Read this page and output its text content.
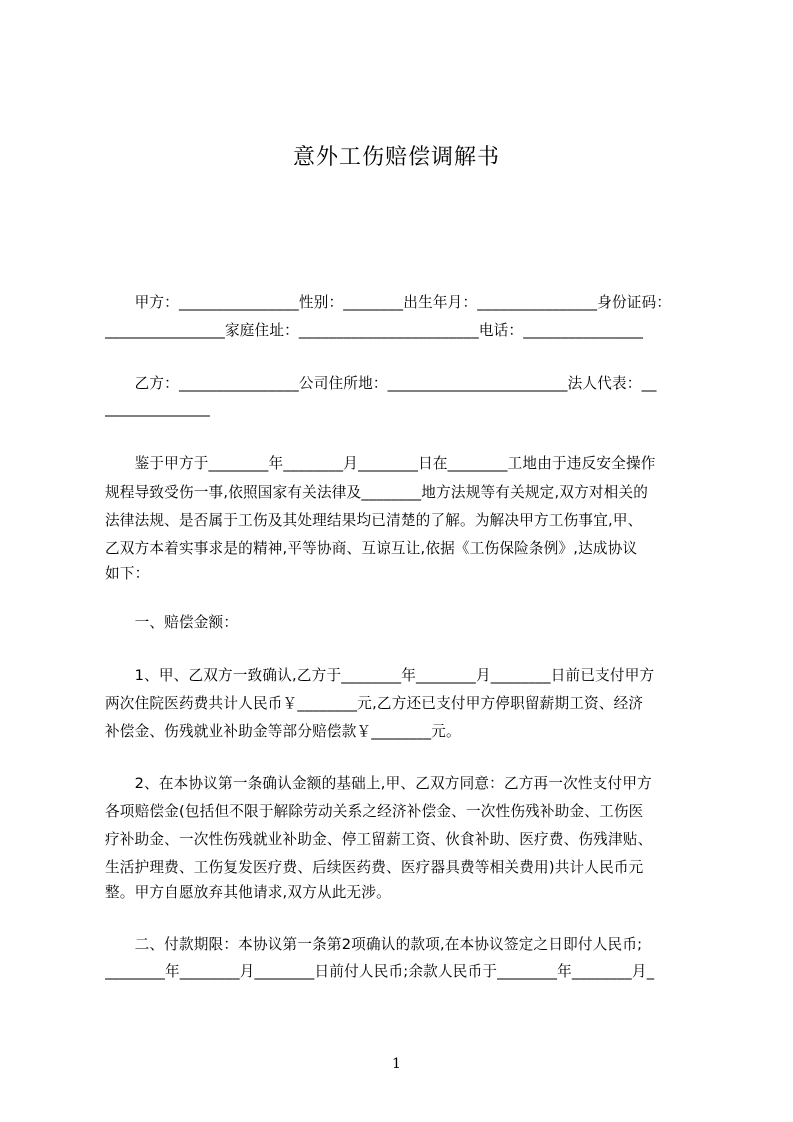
意外工伤赔偿调解书
　　甲方：________________性别：________出生年月：________________身份证码：
________________家庭住址：________________________电话：________________
　　乙方：________________公司住所地：________________________法人代表：__
______________
　　鉴于甲方于________年________月________日在________工地由于违反安全操作
规程导致受伤一事,依照国家有关法律及________地方法规等有关规定,双方对相关的
法律法规、是否属于工伤及其处理结果均已清楚的了解。为解决甲方工伤事宜,甲、
乙双方本着实事求是的精神,平等协商、互谅互让,依据《工伤保险条例》,达成协议
如下：
　　一、赔偿金额：
　　1、甲、乙双方一致确认,乙方于________年________月________日前已支付甲方
两次住院医药费共计人民币￥________元,乙方还已支付甲方停职留薪期工资、经济
补偿金、伤残就业补助金等部分赔偿款￥________元。
　　2、在本协议第一条确认金额的基础上,甲、乙双方同意：乙方再一次性支付甲方
各项赔偿金(包括但不限于解除劳动关系之经济补偿金、一次性伤残补助金、工伤医
疗补助金、一次性伤残就业补助金、停工留薪工资、伙食补助、医疗费、伤残津贴、
生活护理费、工伤复发医疗费、后续医药费、医疗器具费等相关费用)共计人民币元
整。甲方自愿放弃其他请求,双方从此无涉。
　　二、付款期限：本协议第一条第2项确认的款项,在本协议签定之日即付人民币;
________年________月________日前付人民币;余款人民币于________年________月_
1
